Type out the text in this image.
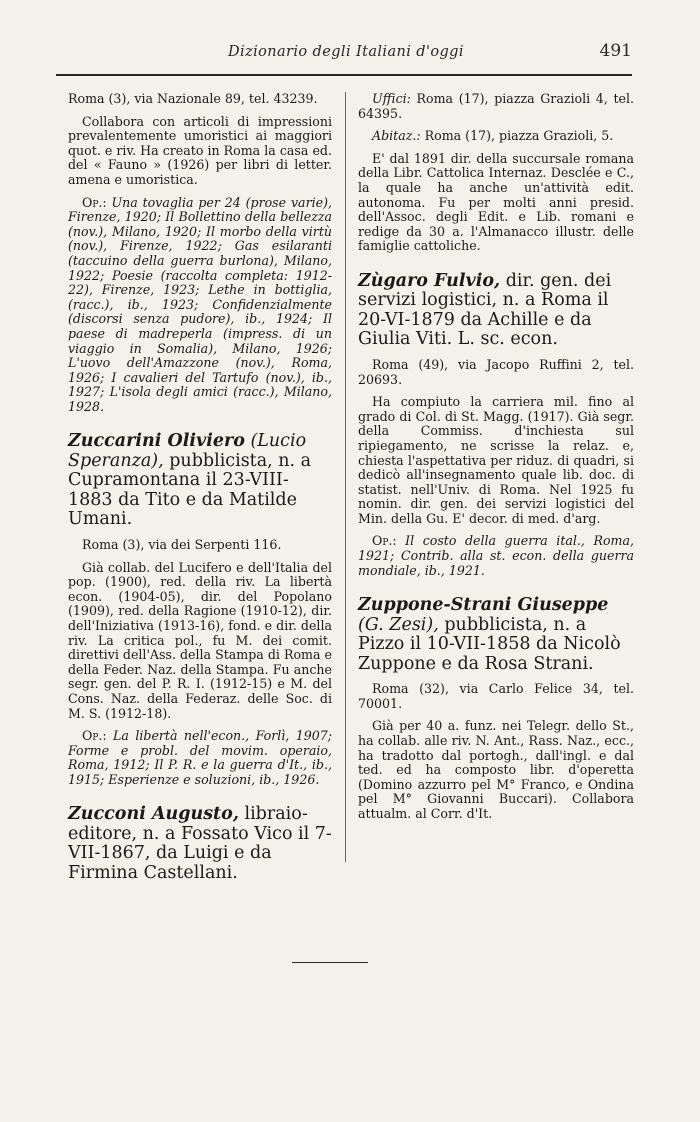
Dizionario degli Italiani d'oggi	491

Roma (3), via Nazionale 89, tel. 43239.

Collabora con articoli di impressioni prevalentemente umoristici ai maggiori quot. e riv. Ha creato in Roma la casa ed. del « Fauno » (1926) per libri di letter. amena e umoristica.

Op.: Una tovaglia per 24 (prose varie), Firenze, 1920; Il Bollettino della bellezza (nov.), Milano, 1920; Il morbo della virtù (nov.), Firenze, 1922; Gas esilaranti (taccuino della guerra burlona), Milano, 1922; Poesie (raccolta completa: 1912-22), Firenze, 1923; Lethe in bottiglia, (racc.), ib., 1923; Confidenzialmente (discorsi senza pudore), ib., 1924; Il paese di madreperla (impress. di un viaggio in Somalia), Milano, 1926; L'uovo dell'Amazzone (nov.), Roma, 1926; I cavalieri del Tartufo (nov.), ib., 1927; L'isola degli amici (racc.), Milano, 1928.

Zuccarini Oliviero (Lucio Speranza), pubblicista, n. a Cupramontana il 23-VIII-1883 da Tito e da Matilde Umani.

Roma (3), via dei Serpenti 116.

Già collab. del Lucifero e dell'Italia del pop. (1900), red. della riv. La libertà econ. (1904-05), dir. del Popolano (1909), red. della Ragione (1910-12), dir. dell'Iniziativa (1913-16), fond. e dir. della riv. La critica pol., fu M. dei comit. direttivi dell'Ass. della Stampa di Roma e della Feder. Naz. della Stampa. Fu anche segr. gen. del P. R. I. (1912-15) e M. del Cons. Naz. della Federaz. delle Soc. di M. S. (1912-18).

Op.: La libertà nell'econ., Forlì, 1907; Forme e probl. del movim. operaio, Roma, 1912; Il P. R. e la guerra d'It., ib., 1915; Esperienze e soluzioni, ib., 1926.

Zucconi Augusto, libraio-editore, n. a Fossato Vico il 7-VII-1867, da Luigi e da Firmina Castellani.

Uffici: Roma (17), piazza Grazioli 4, tel. 64395.

Abitaz.: Roma (17), piazza Grazioli, 5.

E' dal 1891 dir. della succursale romana della Libr. Cattolica Internaz. Desclée e C., la quale ha anche un'attività edit. autonoma. Fu per molti anni presid. dell'Assoc. degli Edit. e Lib. romani e redige da 30 a. l'Almanacco illustr. delle famiglie cattoliche.

Zùgaro Fulvio, dir. gen. dei servizi logistici, n. a Roma il 20-VI-1879 da Achille e da Giulia Viti. L. sc. econ.

Roma (49), via Jacopo Ruffini 2, tel. 20693.

Ha compiuto la carriera mil. fino al grado di Col. di St. Magg. (1917). Già segr. della Commiss. d'inchiesta sul ripiegamento, ne scrisse la relaz. e, chiesta l'aspettativa per riduz. di quadri, si dedicò all'insegnamento quale lib. doc. di statist. nell'Univ. di Roma. Nel 1925 fu nomin. dir. gen. dei servizi logistici del Min. della Gu. E' decor. di med. d'arg.

Op.: Il costo della guerra ital., Roma, 1921; Contrib. alla st. econ. della guerra mondiale, ib., 1921.

Zuppone-Strani Giuseppe (G. Zesi), pubblicista, n. a Pizzo il 10-VII-1858 da Nicolò Zuppone e da Rosa Strani.

Roma (32), via Carlo Felice 34, tel. 70001.

Già per 40 a. funz. nei Telegr. dello St., ha collab. alle riv. N. Ant., Rass. Naz., ecc., ha tradotto dal portogh., dall'ingl. e dal ted. ed ha composto libr. d'operetta (Domino azzurro pel M° Franco, e Ondina pel M° Giovanni Buccari). Collabora attualm. al Corr. d'It.
